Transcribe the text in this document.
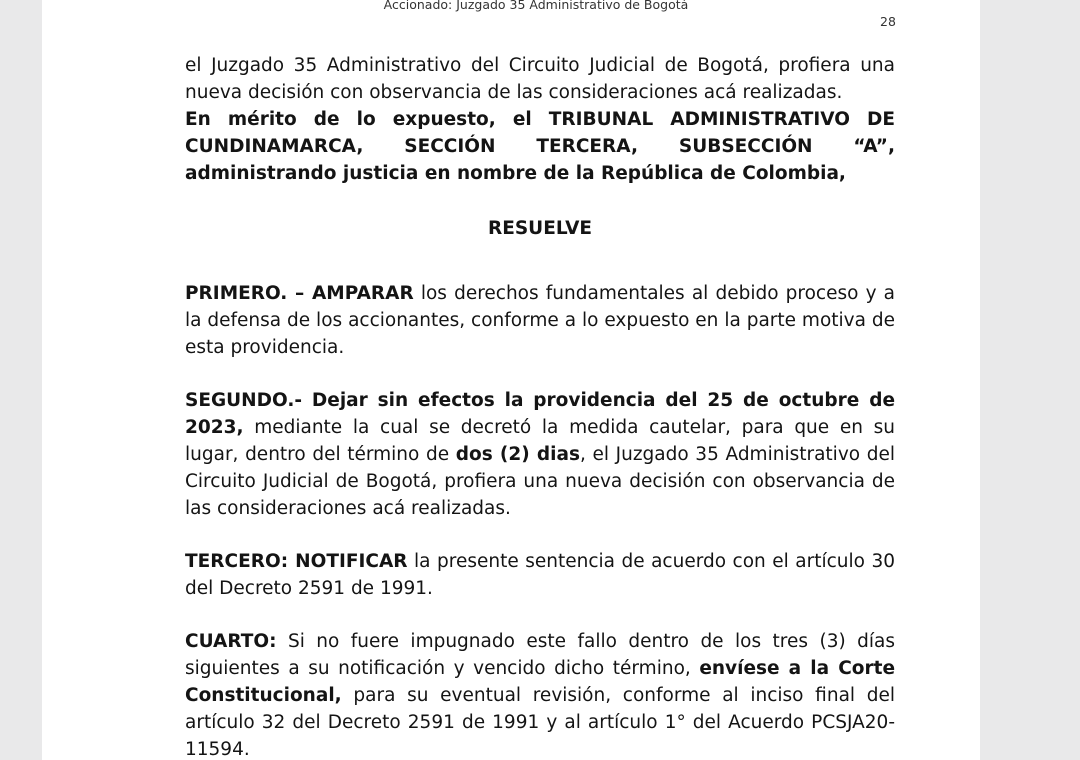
Accionado: Juzgado 35 Administrativo de Bogotá
28

el Juzgado 35 Administrativo del Circuito Judicial de Bogotá, profiera una nueva decisión con observancia de las consideraciones acá realizadas.

En mérito de lo expuesto, el TRIBUNAL ADMINISTRATIVO DE CUNDINAMARCA, SECCIÓN TERCERA, SUBSECCIÓN “A”, administrando justicia en nombre de la República de Colombia,

RESUELVE

PRIMERO. – AMPARAR los derechos fundamentales al debido proceso y a la defensa de los accionantes, conforme a lo expuesto en la parte motiva de esta providencia.

SEGUNDO.- Dejar sin efectos la providencia del 25 de octubre de 2023, mediante la cual se decretó la medida cautelar, para que en su lugar, dentro del término de dos (2) dias, el Juzgado 35 Administrativo del Circuito Judicial de Bogotá, profiera una nueva decisión con observancia de las consideraciones acá realizadas.

TERCERO: NOTIFICAR la presente sentencia de acuerdo con el artículo 30 del Decreto 2591 de 1991.

CUARTO: Si no fuere impugnado este fallo dentro de los tres (3) días siguientes a su notificación y vencido dicho término, envíese a la Corte Constitucional, para su eventual revisión, conforme al inciso final del artículo 32 del Decreto 2591 de 1991 y al artículo 1° del Acuerdo PCSJA20-11594.
